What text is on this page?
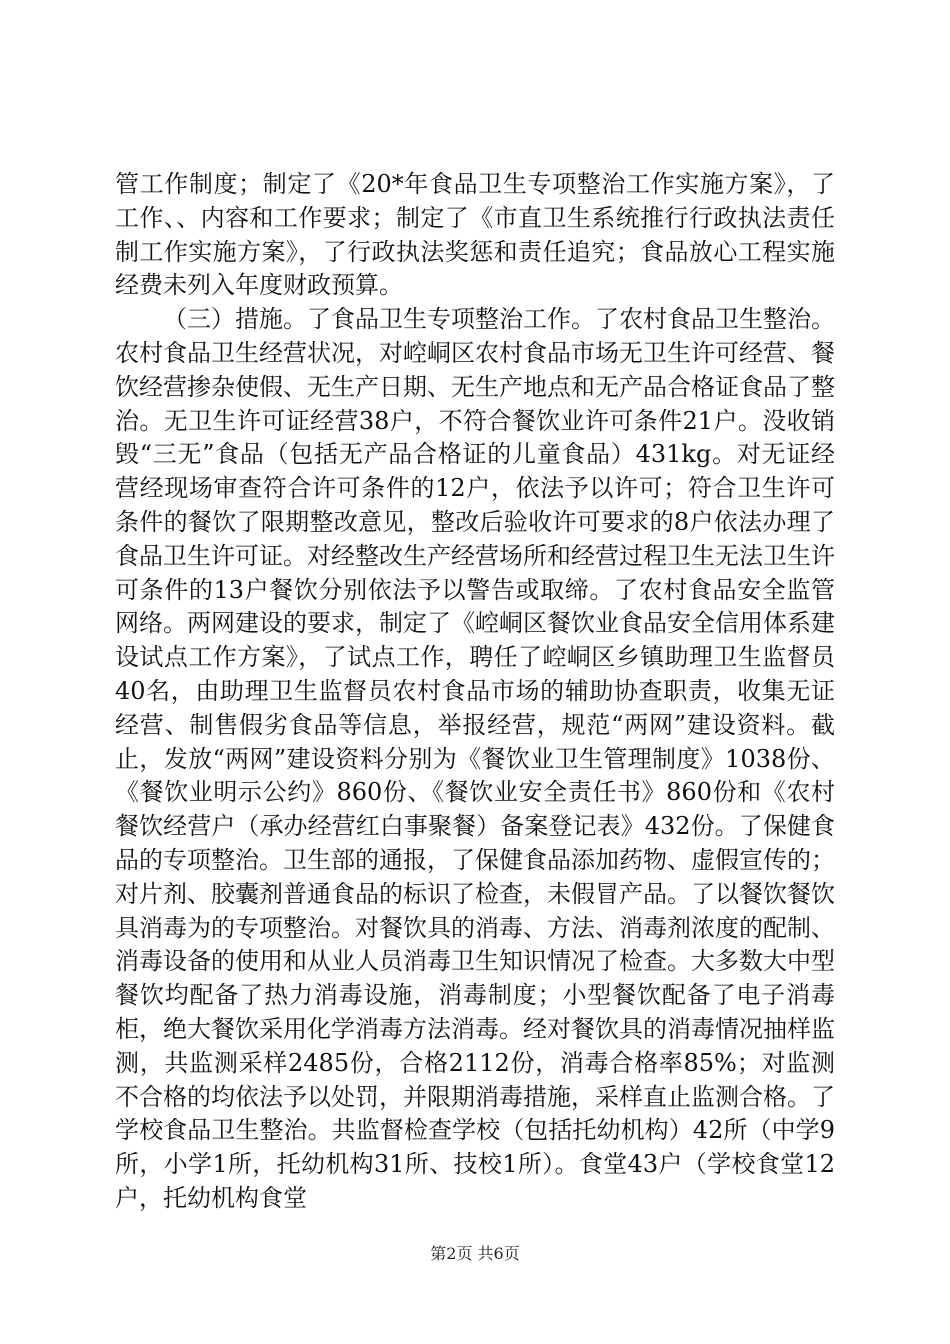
管工作制度；制定了《20*年食品卫生专项整治工作实施方案》，了工作、、内容和工作要求；制定了《市直卫生系统推行行政执法责任制工作实施方案》，了行政执法奖惩和责任追究；食品放心工程实施经费未列入年度财政预算。

（三）措施。了食品卫生专项整治工作。了农村食品卫生整治。农村食品卫生经营状况，对崆峒区农村食品市场无卫生许可经营、餐饮经营掺杂使假、无生产日期、无生产地点和无产品合格证食品了整治。无卫生许可证经营38户，不符合餐饮业许可条件21户。没收销毁“三无”食品（包括无产品合格证的儿童食品）431kg。对无证经营经现场审查符合许可条件的12户，依法予以许可；符合卫生许可条件的餐饮了限期整改意见，整改后验收许可要求的8户依法办理了食品卫生许可证。对经整改生产经营场所和经营过程卫生无法卫生许可条件的13户餐饮分别依法予以警告或取缔。了农村食品安全监管网络。两网建设的要求，制定了《崆峒区餐饮业食品安全信用体系建设试点工作方案》，了试点工作，聘任了崆峒区乡镇助理卫生监督员40名，由助理卫生监督员农村食品市场的辅助协查职责，收集无证经营、制售假劣食品等信息，举报经营，规范“两网”建设资料。截止，发放“两网”建设资料分别为《餐饮业卫生管理制度》1038份、《餐饮业明示公约》860份、《餐饮业安全责任书》860份和《农村餐饮经营户（承办经营红白事聚餐）备案登记表》432份。了保健食品的专项整治。卫生部的通报，了保健食品添加药物、虚假宣传的；对片剂、胶囊剂普通食品的标识了检查，未假冒产品。了以餐饮餐饮具消毒为的专项整治。对餐饮具的消毒、方法、消毒剂浓度的配制、消毒设备的使用和从业人员消毒卫生知识情况了检查。大多数大中型餐饮均配备了热力消毒设施，消毒制度；小型餐饮配备了电子消毒柜，绝大餐饮采用化学消毒方法消毒。经对餐饮具的消毒情况抽样监测，共监测采样2485份，合格2112份，消毒合格率85%；对监测不合格的均依法予以处罚，并限期消毒措施，采样直止监测合格。了学校食品卫生整治。共监督检查学校（包括托幼机构）42所（中学9所，小学1所，托幼机构31所、技校1所）。食堂43户（学校食堂12户，托幼机构食堂

第2页 共6页
